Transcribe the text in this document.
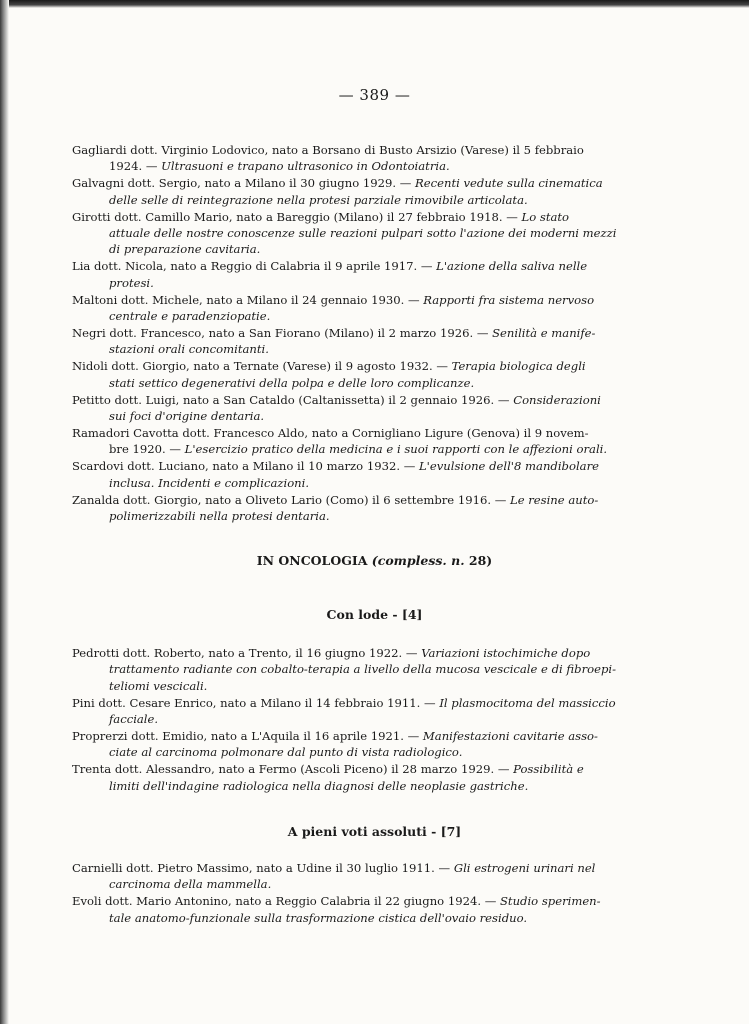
— 389 —
Gagliardi dott. Virginio Lodovico, nato a Borsano di Busto Arsizio (Varese) il 5 febbraio
1924. — Ultrasuoni e trapano ultrasonico in Odontoiatria.
Galvagni dott. Sergio, nato a Milano il 30 giugno 1929. — Recenti vedute sulla cinematica
delle selle di reintegrazione nella protesi parziale rimovibile articolata.
Girotti dott. Camillo Mario, nato a Bareggio (Milano) il 27 febbraio 1918. — Lo stato
attuale delle nostre conoscenze sulle reazioni pulpari sotto l'azione dei moderni mezzi di preparazione cavitaria.
Lia dott. Nicola, nato a Reggio di Calabria il 9 aprile 1917. — L'azione della saliva nelle
protesi.
Maltoni dott. Michele, nato a Milano il 24 gennaio 1930. — Rapporti fra sistema nervoso
centrale e paradenziopatie.
Negri dott. Francesco, nato a San Fiorano (Milano) il 2 marzo 1926. — Senilità e manife-
stazioni orali concomitanti.
Nidoli dott. Giorgio, nato a Ternate (Varese) il 9 agosto 1932. — Terapia biologica degli
stati settico degenerativi della polpa e delle loro complicanze.
Petitto dott. Luigi, nato a San Cataldo (Caltanissetta) il 2 gennaio 1926. — Considerazioni
sui foci d'origine dentaria.
Ramadori Cavotta dott. Francesco Aldo, nato a Corniglianо Ligure (Genova) il 9 novem-
bre 1920. — L'esercizio pratico della medicina e i suoi rapporti con le affezioni orali.
Scardovi dott. Luciano, nato a Milano il 10 marzo 1932. — L'evulsione dell'8 mandibolare
inclusa. Incidenti e complicazioni.
Zanalda dott. Giorgio, nato a Oliveto Lario (Como) il 6 settembre 1916. — Le resine auto-
polimerizzabili nella protesi dentaria.
IN ONCOLOGIA (compless. n. 28)
Con lode - [4]
Pedrotti dott. Roberto, nato a Trento, il 16 giugno 1922. — Variazioni istochimiche dopo
trattamento radiante con cobalto-terapia a livello della mucosa vescicale e di fibroepi-teliomi vescicali.
Pini dott. Cesare Enrico, nato a Milano il 14 febbraio 1911. — Il plasmocitoma del massiccio
facciale.
Proprerzi dott. Emidio, nato a L'Aquila il 16 aprile 1921. — Manifestazioni cavitarie asso-
ciate al carcinoma polmonare dal punto di vista radiologico.
Trenta dott. Alessandro, nato a Fermo (Ascoli Piceno) il 28 marzo 1929. — Possibilità e
limiti dell'indagine radiologica nella diagnosi delle neoplasie gastriche.
A pieni voti assoluti - [7]
Carnielli dott. Pietro Massimo, nato a Udine il 30 luglio 1911. — Gli estrogeni urinari nel
carcinoma della mammella.
Evoli dott. Mario Antonino, nato a Reggio Calabria il 22 giugno 1924. — Studio sperimen-
tale anatomo-funzionale sulla trasformazione cistica dell'ovaio residuo.
